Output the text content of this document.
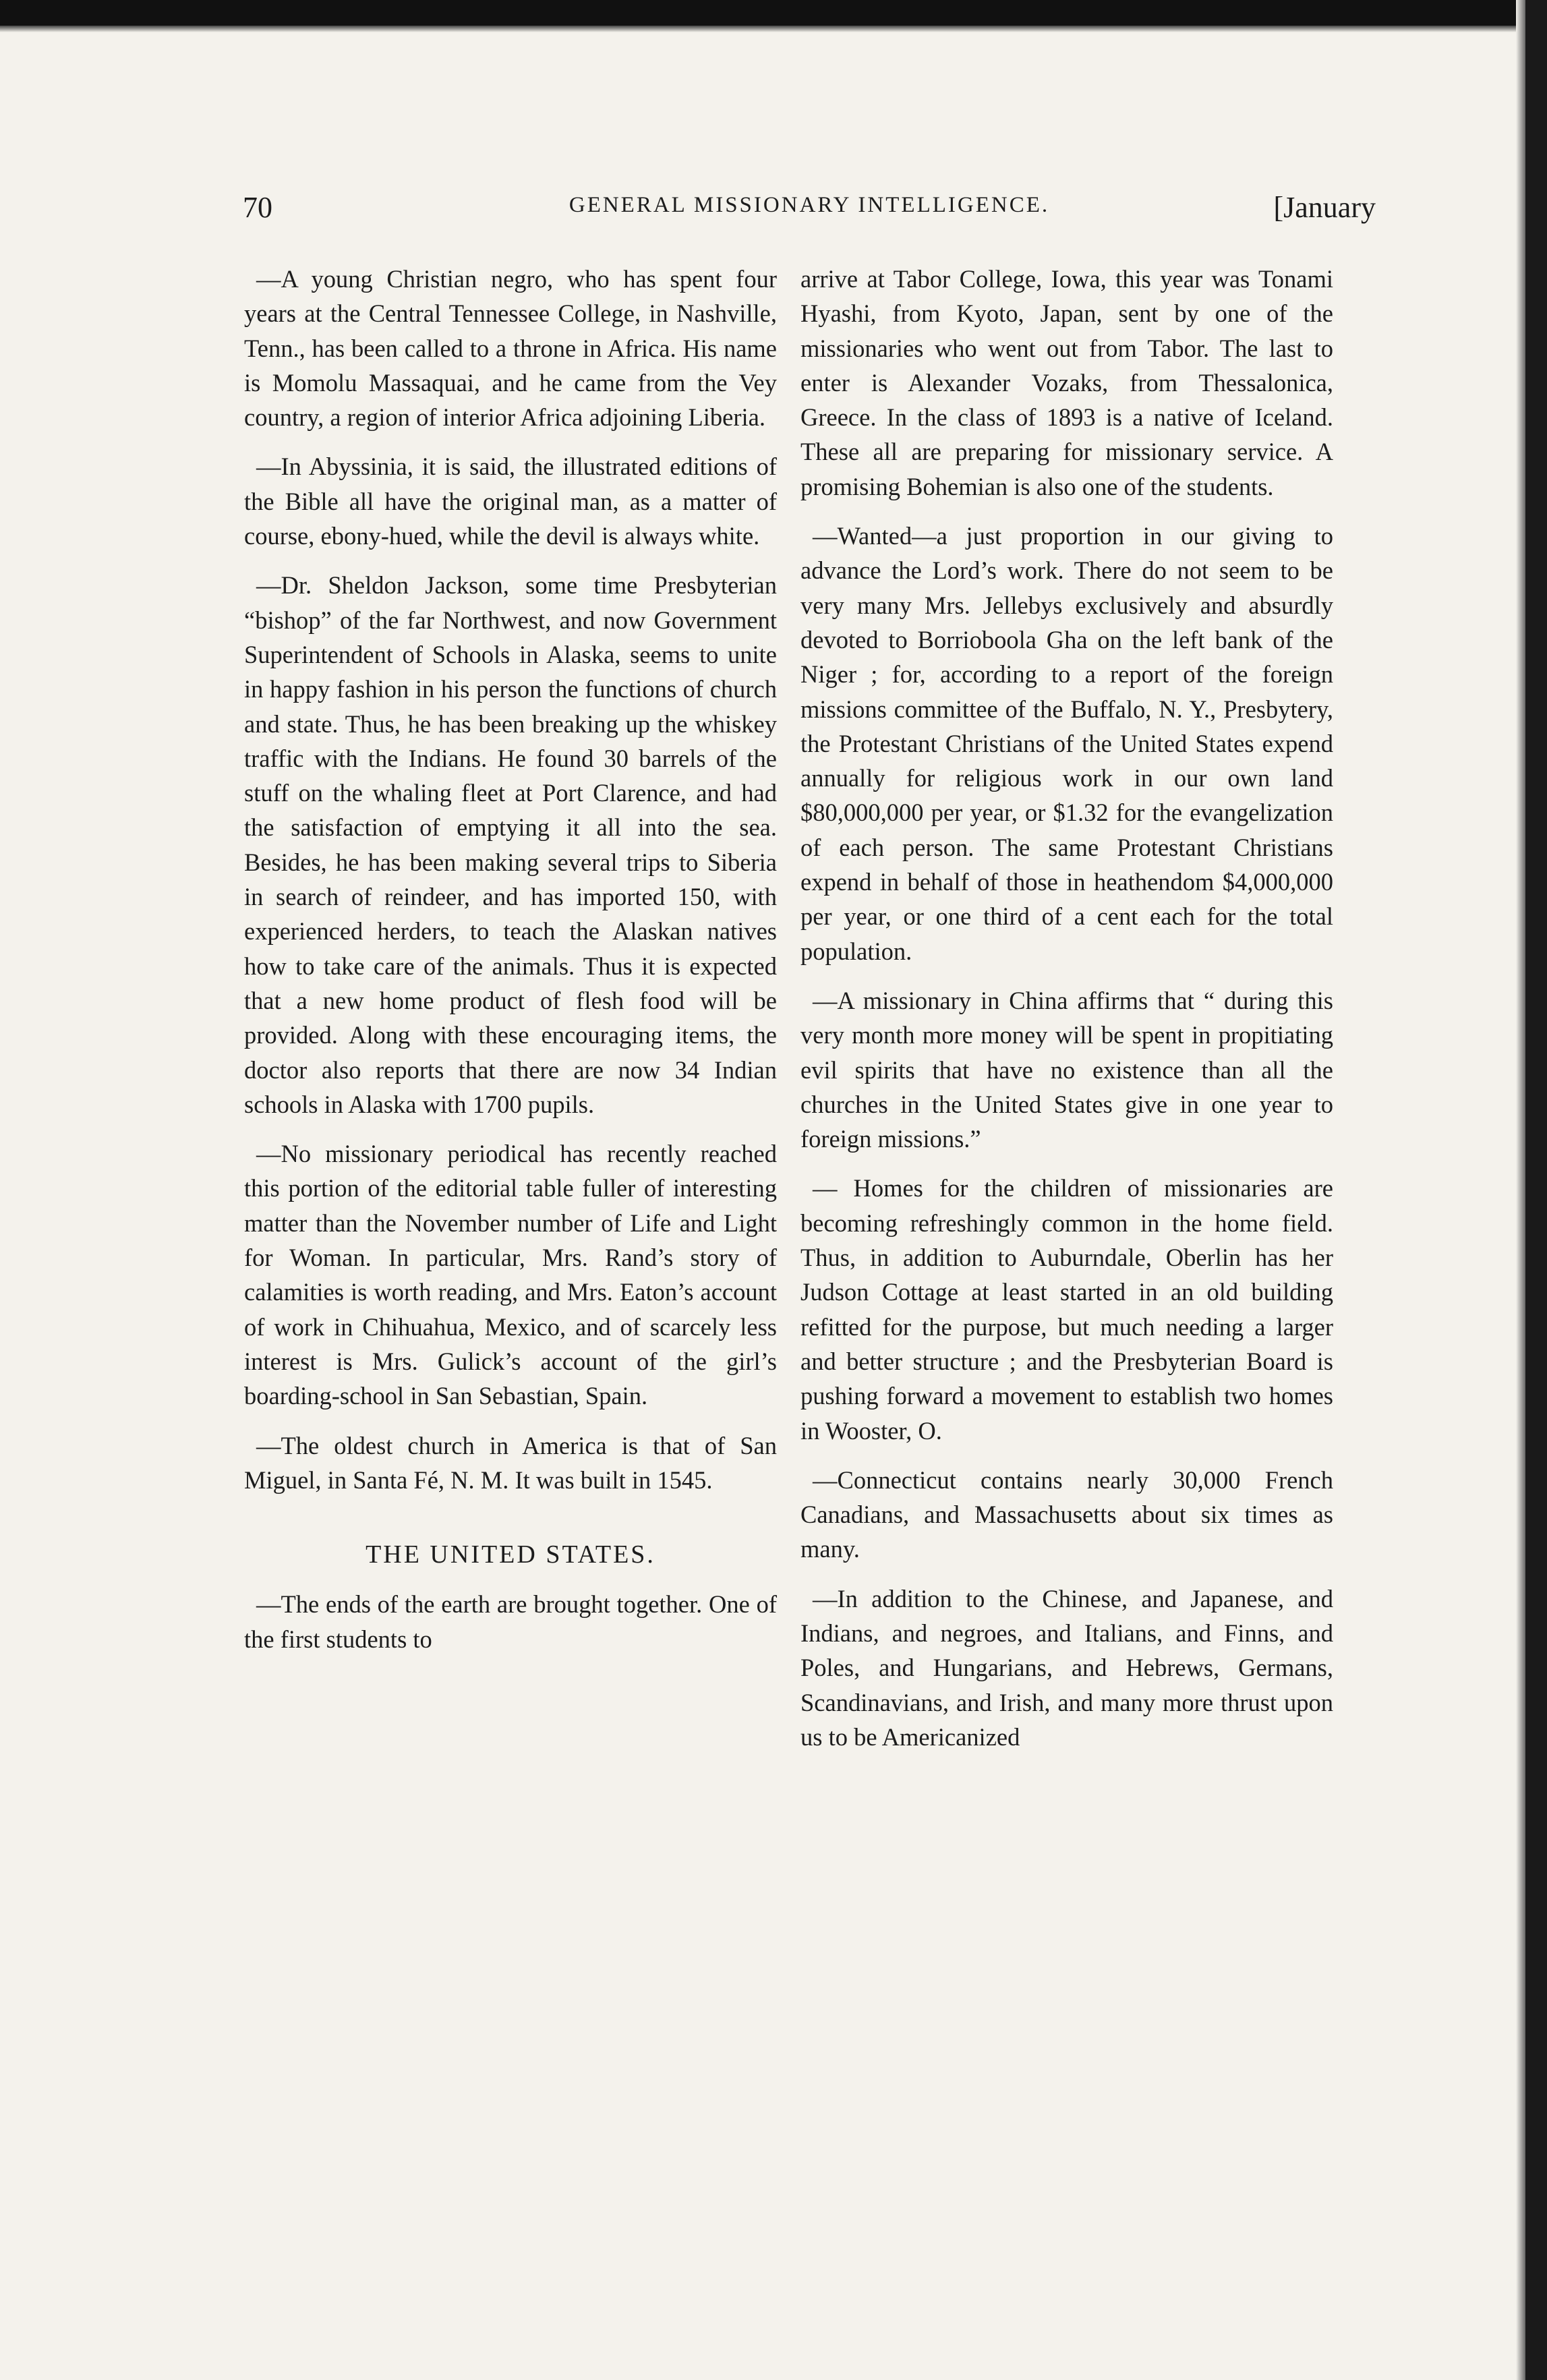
70	GENERAL MISSIONARY INTELLIGENCE.	[January

—A young Christian negro, who has spent four years at the Central Tennessee College, in Nashville, Tenn., has been called to a throne in Africa. His name is Momolu Massaquai, and he came from the Vey country, a region of interior Africa adjoining Liberia.

—In Abyssinia, it is said, the illustrated editions of the Bible all have the original man, as a matter of course, ebony-hued, while the devil is always white.

—Dr. Sheldon Jackson, some time Presbyterian “bishop” of the far Northwest, and now Government Superintendent of Schools in Alaska, seems to unite in happy fashion in his person the functions of church and state. Thus, he has been breaking up the whiskey traffic with the Indians. He found 30 barrels of the stuff on the whaling fleet at Port Clarence, and had the satisfaction of emptying it all into the sea. Besides, he has been making several trips to Siberia in search of reindeer, and has imported 150, with experienced herders, to teach the Alaskan natives how to take care of the animals. Thus it is expected that a new home product of flesh food will be provided. Along with these encouraging items, the doctor also reports that there are now 34 Indian schools in Alaska with 1700 pupils.

—No missionary periodical has recently reached this portion of the editorial table fuller of interesting matter than the November number of Life and Light for Woman. In particular, Mrs. Rand’s story of calamities is worth reading, and Mrs. Eaton’s account of work in Chihuahua, Mexico, and of scarcely less interest is Mrs. Gulick’s account of the girl’s boarding-school in San Sebastian, Spain.

—The oldest church in America is that of San Miguel, in Santa Fé, N. M. It was built in 1545.

THE UNITED STATES.

—The ends of the earth are brought together. One of the first students to

arrive at Tabor College, Iowa, this year was Tonami Hyashi, from Kyoto, Japan, sent by one of the missionaries who went out from Tabor. The last to enter is Alexander Vozaks, from Thessalonica, Greece. In the class of 1893 is a native of Iceland. These all are preparing for missionary service. A promising Bohemian is also one of the students.

—Wanted—a just proportion in our giving to advance the Lord’s work. There do not seem to be very many Mrs. Jellebys exclusively and absurdly devoted to Borrioboola Gha on the left bank of the Niger ; for, according to a report of the foreign missions committee of the Buffalo, N. Y., Presbytery, the Protestant Christians of the United States expend annually for religious work in our own land $80,000,000 per year, or $1.32 for the evangelization of each person. The same Protestant Christians expend in behalf of those in heathendom $4,000,000 per year, or one third of a cent each for the total population.

—A missionary in China affirms that “ during this very month more money will be spent in propitiating evil spirits that have no existence than all the churches in the United States give in one year to foreign missions.”

— Homes for the children of missionaries are becoming refreshingly common in the home field. Thus, in addition to Auburndale, Oberlin has her Judson Cottage at least started in an old building refitted for the purpose, but much needing a larger and better structure ; and the Presbyterian Board is pushing forward a movement to establish two homes in Wooster, O.

—Connecticut contains nearly 30,000 French Canadians, and Massachusetts about six times as many.

—In addition to the Chinese, and Japanese, and Indians, and negroes, and Italians, and Finns, and Poles, and Hungarians, and Hebrews, Germans, Scandinavians, and Irish, and many more thrust upon us to be Americanized
